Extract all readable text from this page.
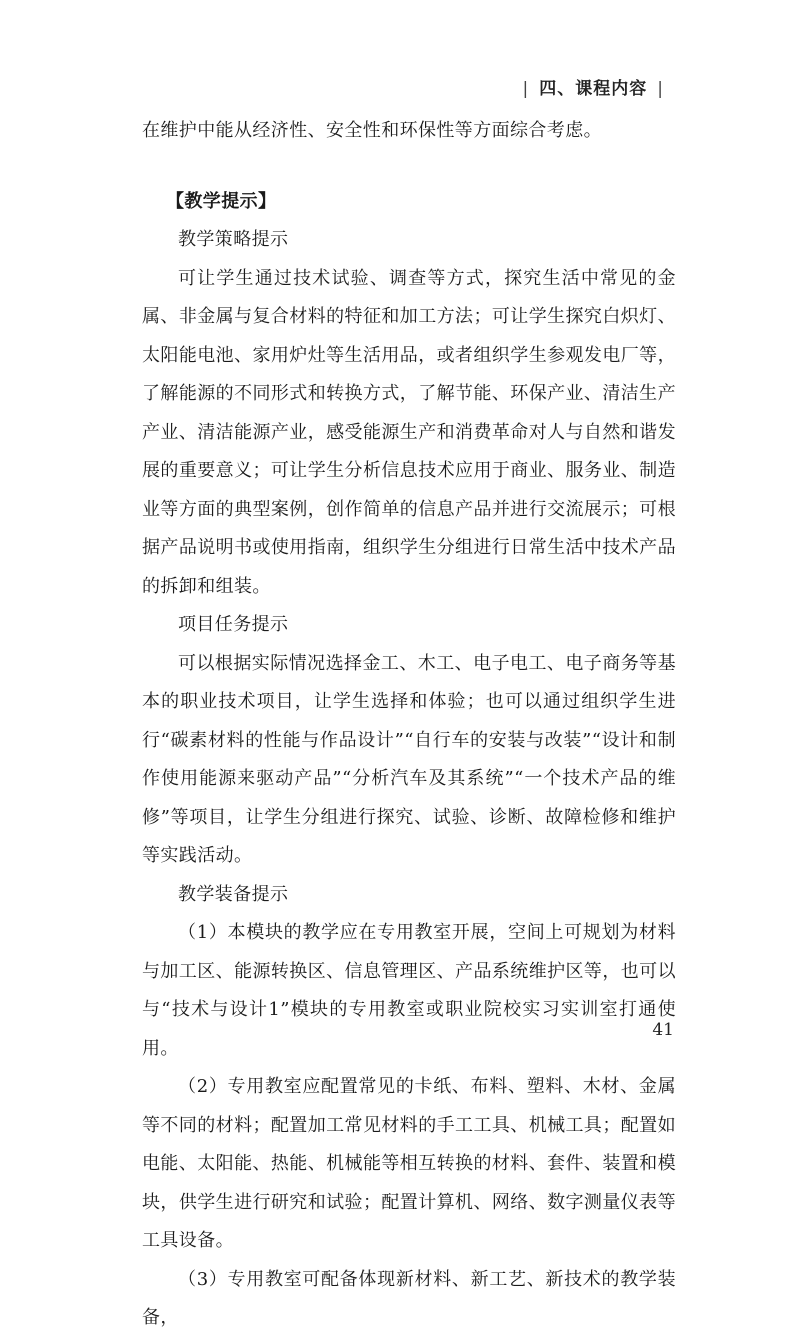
| 四、课程内容 |

在维护中能从经济性、安全性和环保性等方面综合考虑。

【教学提示】

教学策略提示

可让学生通过技术试验、调查等方式，探究生活中常见的金属、非金属与复合材料的特征和加工方法；可让学生探究白炽灯、太阳能电池、家用炉灶等生活用品，或者组织学生参观发电厂等，了解能源的不同形式和转换方式，了解节能、环保产业、清洁生产产业、清洁能源产业，感受能源生产和消费革命对人与自然和谐发展的重要意义；可让学生分析信息技术应用于商业、服务业、制造业等方面的典型案例，创作简单的信息产品并进行交流展示；可根据产品说明书或使用指南，组织学生分组进行日常生活中技术产品的拆卸和组装。

项目任务提示

可以根据实际情况选择金工、木工、电子电工、电子商务等基本的职业技术项目，让学生选择和体验；也可以通过组织学生进行“碳素材料的性能与作品设计”“自行车的安装与改装”“设计和制作使用能源来驱动产品”“分析汽车及其系统”“一个技术产品的维修”等项目，让学生分组进行探究、试验、诊断、故障检修和维护等实践活动。

教学装备提示

（1）本模块的教学应在专用教室开展，空间上可规划为材料与加工区、能源转换区、信息管理区、产品系统维护区等，也可以与“技术与设计1”模块的专用教室或职业院校实习实训室打通使用。

（2）专用教室应配置常见的卡纸、布料、塑料、木材、金属等不同的材料；配置加工常见材料的手工工具、机械工具；配置如电能、太阳能、热能、机械能等相互转换的材料、套件、装置和模块，供学生进行研究和试验；配置计算机、网络、数字测量仪表等工具设备。

（3）专用教室可配备体现新材料、新工艺、新技术的教学装备，

41
